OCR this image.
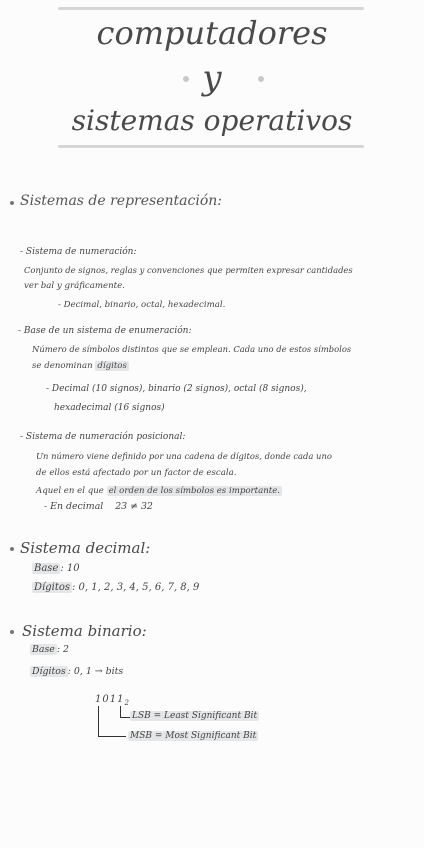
computadores
y
sistemas operativos
Sistemas de representación:
- Sistema de numeración:
Conjunto de signos, reglas y convenciones que permiten expresar cantidades
ver bal y gráficamente.
- Decimal, binario, octal, hexadecimal.
- Base de un sistema de enumeración:
Número de símbolos distintos que se emplean. Cada uno de estos símbolos
se denominan dígitos
- Decimal (10 signos), binario (2 signos), octal (8 signos),
hexadecimal (16 signos)
- Sistema de numeración posicional:
Un número viene definido por una cadena de dígitos, donde cada uno
de ellos está afectado por un factor de escala.
Aquel en el que el orden de los símbolos es importante.
- En decimal    23 ≠ 32
Sistema decimal:
Base : 10
Dígitos : 0, 1, 2, 3, 4, 5, 6, 7, 8, 9
Sistema binario:
Base : 2
Dígitos : 0, 1 → bits
$1011_2$
LSB = Least Significant Bit
MSB = Most Significant Bit
